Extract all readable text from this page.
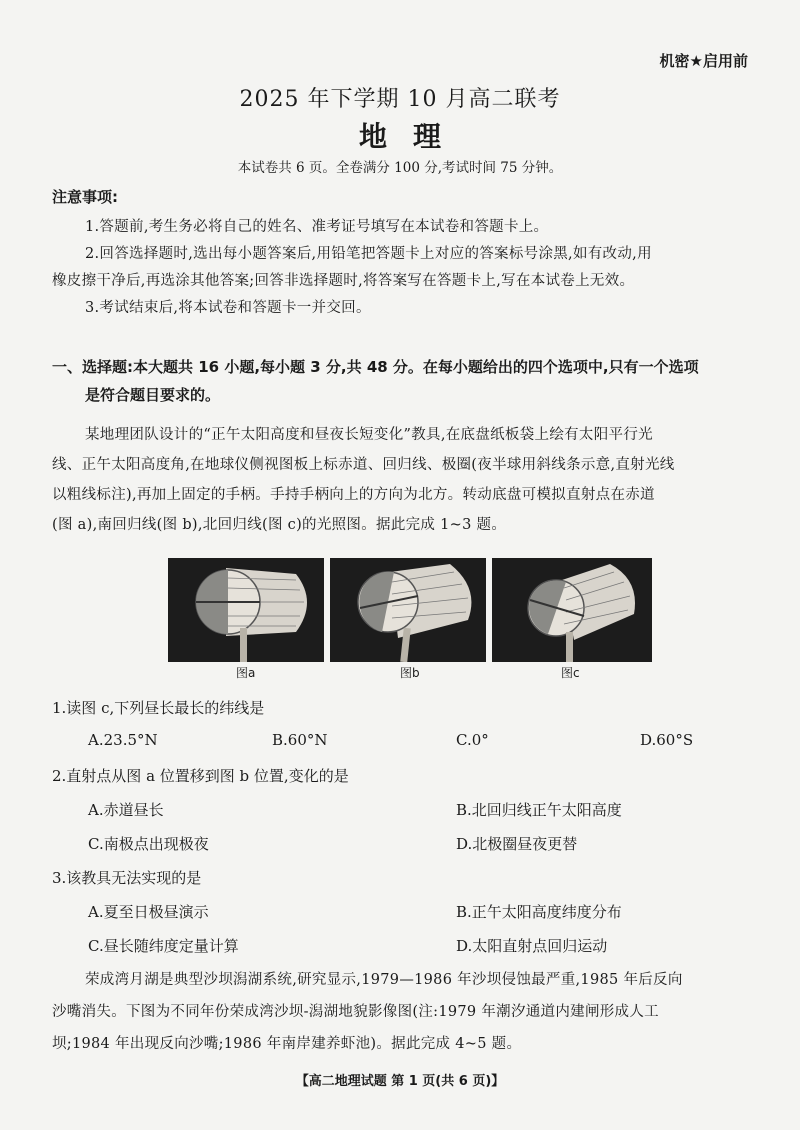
机密★启用前
2025 年下学期 10 月高二联考
地理
本试卷共 6 页。全卷满分 100 分,考试时间 75 分钟。
注意事项:
1.答题前,考生务必将自己的姓名、准考证号填写在本试卷和答题卡上。
2.回答选择题时,选出每小题答案后,用铅笔把答题卡上对应的答案标号涂黑,如有改动,用
橡皮擦干净后,再选涂其他答案;回答非选择题时,将答案写在答题卡上,写在本试卷上无效。
3.考试结束后,将本试卷和答题卡一并交回。
一、选择题:本大题共 16 小题,每小题 3 分,共 48 分。在每小题给出的四个选项中,只有一个选项
是符合题目要求的。
某地理团队设计的“正午太阳高度和昼夜长短变化”教具,在底盘纸板袋上绘有太阳平行光
线、正午太阳高度角,在地球仪侧视图板上标赤道、回归线、极圈(夜半球用斜线条示意,直射光线
以粗线标注),再加上固定的手柄。手持手柄向上的方向为北方。转动底盘可模拟直射点在赤道
(图 a),南回归线(图 b),北回归线(图 c)的光照图。据此完成 1~3 题。
图a	图b	图c
1.读图 c,下列昼长最长的纬线是
A.23.5°N	B.60°N	C.0°	D.60°S
2.直射点从图 a 位置移到图 b 位置,变化的是
A.赤道昼长	B.北回归线正午太阳高度
C.南极点出现极夜	D.北极圈昼夜更替
3.该教具无法实现的是
A.夏至日极昼演示	B.正午太阳高度纬度分布
C.昼长随纬度定量计算	D.太阳直射点回归运动
荣成湾月湖是典型沙坝潟湖系统,研究显示,1979—1986 年沙坝侵蚀最严重,1985 年后反向
沙嘴消失。下图为不同年份荣成湾沙坝-潟湖地貌影像图(注:1979 年潮汐通道内建闸形成人工
坝;1984 年出现反向沙嘴;1986 年南岸建养虾池)。据此完成 4~5 题。
【高二地理试题 第 1 页(共 6 页)】
